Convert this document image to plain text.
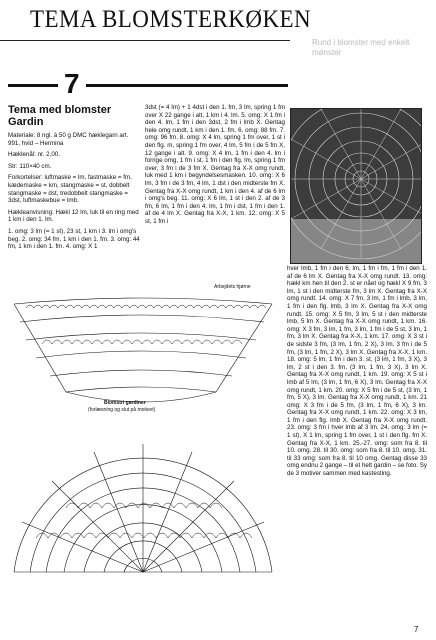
TEMA BLOMSTERKØKEN
Rund i blomster med enkelt mønster
7
Tema med blomster Gardin

Materiale: 8 ngl. à 50 g DMC hæklegarn art. 991, hvid – Hermina

Hæklenål: nr. 2,00.

Str: 110×40 cm.

Forkortelser: luftmaske = lm, fastmaske = fm, kædemaske = km, stangmaske = st, dobbelt stangmaske = dst, tredobbelt stangmaske = 3dst, luftmaskebue = lmb.

Hækleanvisning: Hækl 12 lm, luk til en ring med 1 km i den 1. lm.

1. omg: 3 lm (= 1 st), 23 st, 1 km i 3. lm i omg's beg. 2. omg: 34 fm, 1 km i den 1. fm. 3. omg: 44 fm, 1 km i den 1. fm. 4. omg: X 1

3dst (= 4 lm) + 1 4dst i den 1. fm, 3 lm, spring 1 fm over X 22 gange i alt, 1 km i 4. lm. 5. omg: X 1 fm i den 4. lm, 1 fm i den 3dst, 2 fm i lmb X. Gentag hele omg rundt, 1 km i den 1. fm. 6. omg: 88 fm. 7. omg: 96 fm. 8. omg: X 4 lm, spring 1 fm over, 1 st i den flg. m, spring 1 fm over, 4 lm, 5 fm i de 5 fm X, 12 gange i alt. 9. omg: X 4 lm, 1 fm i den 4. lm i forrige omg, 1 fm i st, 1 fm i den flg. lm, spring 1 fm over, 3 fm i de 3 fm X. Gentag fra X-X omg rundt, luk med 1 km i begyndelsesmasken. 10. omg: X 6 lm, 3 fm i de 3 fm, 4 lm, 1 dst i den midterste fm X. Gentag fra X-X omg rundt, 1 km i den 4. af de 6 lm i omg's beg. 11. omg: X 6 lm, 1 st i den 2. af de 3 fm, 6 lm, 1 fm i den 4. lm, 1 fm i dst, 1 fm i den 1. af de 4 lm X. Gentag fra X-X, 1 km. 12. omg: X 5 st, 1 fm i
hver lmb, 1 fm i den 6. lm, 1 fm i fm, 1 fm i den 1. af de 6 lm X. Gentag fra X-X omg rundt. 13. omg: hækl km hen til den 2. st er nået og hækl X 9 fm, 3 lm, 1 st i den midterste fm, 3 lm X. Gentag fra X-X omg rundt. 14. omg: X 7 fm, 3 lm, 1 fm i lmb, 3 lm, 1 fm i den flg. lmb, 3 lm X. Gentag fra X-X omg rundt. 15. omg: X 5 fm, 3 lm, 5 st i den midterste lmb, 5 lm X. Gentag fra X-X omg rundt, 1 km. 16. omg: X 3 fm, 3 lm, 1 fm, 3 lm, 1 fm i de 5 st, 3 lm, 1 fm, 3 lm X. Gentag fra X-X, 1 km. 17. omg: X 3 st i de sidste 3 fm, (3 lm, 1 fm, 2 X), 3 lm, 3 fm i de 5 fm, (3 lm, 1 fm, 2 X), 3 lm X. Gentag fra X-X, 1 km. 18. omg: 5 lm, 1 fm i den 3. st, (3 lm, 1 fm, 3 X), 3 lm, 2 st i den 3. fm, (3 lm, 1 fm, 3 X), 3 lm X. Gentag fra X-X omg rundt, 1 km. 19. omg: X 5 st i lmb af 5 lm, (3 lm, 1 fm, 6 X), 3 lm. Gentag fra X-X omg rundt, 1 km. 20. omg: X 5 fm i de 5 st, (3 lm, 1 fm, 5 X), 3 lm. Gentag fra X-X omg rundt, 1 km. 21 omg: X 3 fm i de 5 fm, (3 lm, 1 fm, 6 X), 3 lm. Gentag fra X-X omg rundt, 1 km. 22. omg: X 3 lm, 1 fm i den flg. lmb X. Gentag fra X-X omg rundt. 23. omg: 3 fm i hver lmb af 3 lm. 24. omg: 3 lm (= 1 st), X 1 lm, spring 1 fm over, 1 st i den flg. fm X. Gentag fra X-X, 1 km. 25.-27. omg: som fra 8. til 10. omg. 28. til 30. omg: som fra 8. til 10. omg. 31. til 33 omg: som fra 8. til 10 omg. Gentag disse 33 omg endnu 2 gange – til et helt gardin – se foto. Sy de 3 motiver sammen med kastesting.
Arbejdets hjørne
Blomstri gardiner
(forlæsning og slut på motivet)
7
